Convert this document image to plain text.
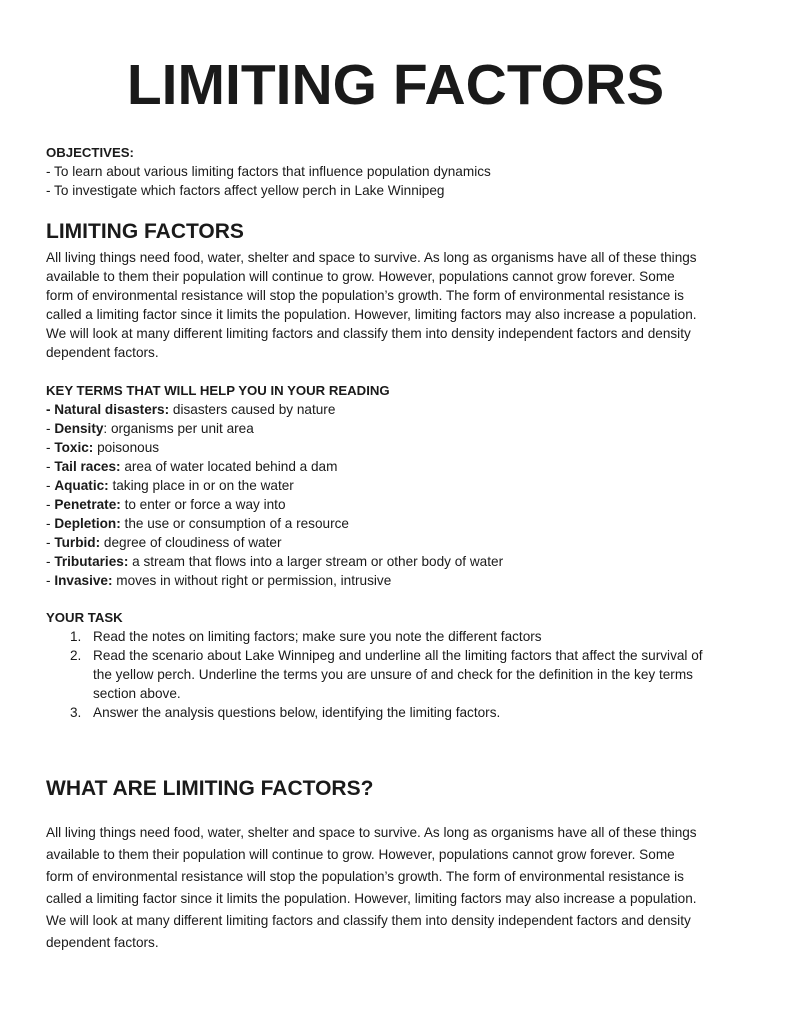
LIMITING FACTORS
OBJECTIVES:
- To learn about various limiting factors that influence population dynamics
- To investigate which factors affect yellow perch in Lake Winnipeg
LIMITING FACTORS
All living things need food, water, shelter and space to survive. As long as organisms have all of these things
available to them their population will continue to grow. However, populations cannot grow forever. Some
form of environmental resistance will stop the population’s growth. The form of environmental resistance is
called a limiting factor since it limits the population. However, limiting factors may also increase a population.
We will look at many different limiting factors and classify them into density independent factors and density
dependent factors.
KEY TERMS THAT WILL HELP YOU IN YOUR READING
- Natural disasters: disasters caused by nature
- Density: organisms per unit area
- Toxic: poisonous
- Tail races: area of water located behind a dam
- Aquatic: taking place in or on the water
- Penetrate: to enter or force a way into
- Depletion: the use or consumption of a resource
- Turbid: degree of cloudiness of water
- Tributaries: a stream that flows into a larger stream or other body of water
- Invasive: moves in without right or permission, intrusive
YOUR TASK
1. Read the notes on limiting factors; make sure you note the different factors
2. Read the scenario about Lake Winnipeg and underline all the limiting factors that affect the survival of
the yellow perch. Underline the terms you are unsure of and check for the definition in the key terms
section above.
3. Answer the analysis questions below, identifying the limiting factors.
WHAT ARE LIMITING FACTORS?
All living things need food, water, shelter and space to survive. As long as organisms have all of these things
available to them their population will continue to grow. However, populations cannot grow forever. Some
form of environmental resistance will stop the population’s growth. The form of environmental resistance is
called a limiting factor since it limits the population. However, limiting factors may also increase a population.
We will look at many different limiting factors and classify them into density independent factors and density
dependent factors.
